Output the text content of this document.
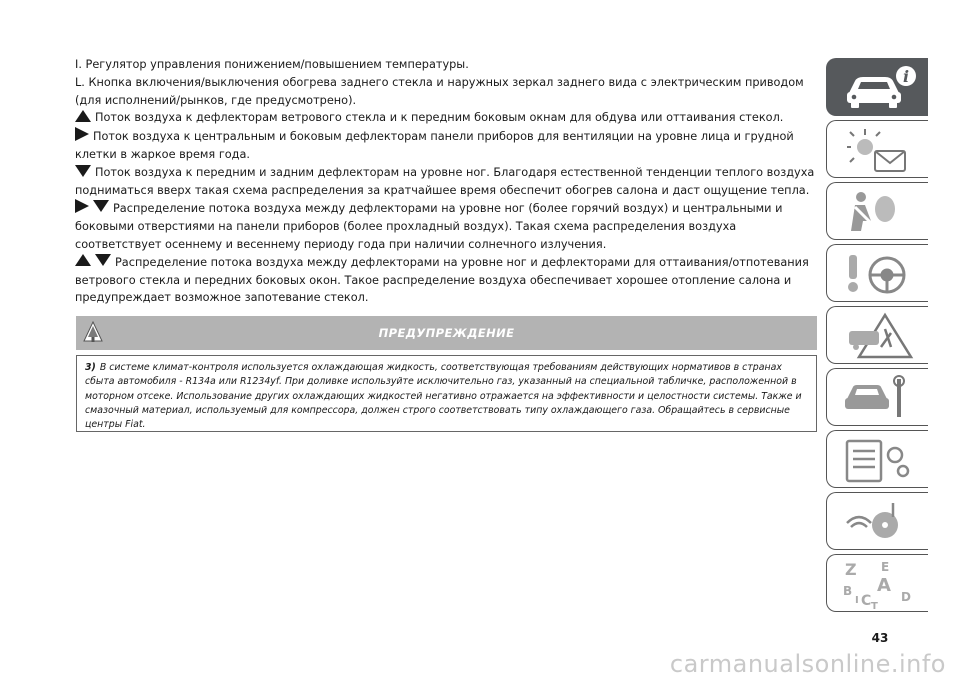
I. Регулятор управления понижением/повышением температуры.

L. Кнопка включения/выключения обогрева заднего стекла и наружных зеркал заднего вида с электрическим приводом (для исполнений/рынков, где предусмотрено).

Поток воздуха к дефлекторам ветрового стекла и к передним боковым окнам для обдува или оттаивания стекол.

Поток воздуха к центральным и боковым дефлекторам панели приборов для вентиляции на уровне лица и грудной клетки в жаркое время года.

Поток воздуха к передним и задним дефлекторам на уровне ног. Благодаря естественной тенденции теплого воздуха подниматься вверх такая схема распределения за кратчайшее время обеспечит обогрев салона и даст ощущение тепла.

Распределение потока воздуха между дефлекторами на уровне ног (более горячий воздух) и центральными и боковыми отверстиями на панели приборов (более прохладный воздух). Такая схема распределения воздуха соответствует осеннему и весеннему периоду года при наличии солнечного излучения.

Распределение потока воздуха между дефлекторами на уровне ног и дефлекторами для оттаивания/отпотевания ветрового стекла и передних боковых окон. Такое распределение воздуха обеспечивает хорошее отопление салона и предупреждает возможное запотевание стекол.

ПРЕДУПРЕЖДЕНИЕ
3) В системе климат-контроля используется охлаждающая жидкость, соответствующая требованиям действующих нормативов в странах сбыта автомобиля - R134a или R1234yf. При доливке используйте исключительно газ, указанный на специальной табличке, расположенной в моторном отсеке. Использование других охлаждающих жидкостей негативно отражается на эффективности и целостности системы. Также и смазочный материал, используемый для компрессора, должен строго соответствовать типу охлаждающего газа. Обращайтесь в сервисные центры Fiat.
i
Z E
B A
C D
T
I
43
carmanualsonline.info
